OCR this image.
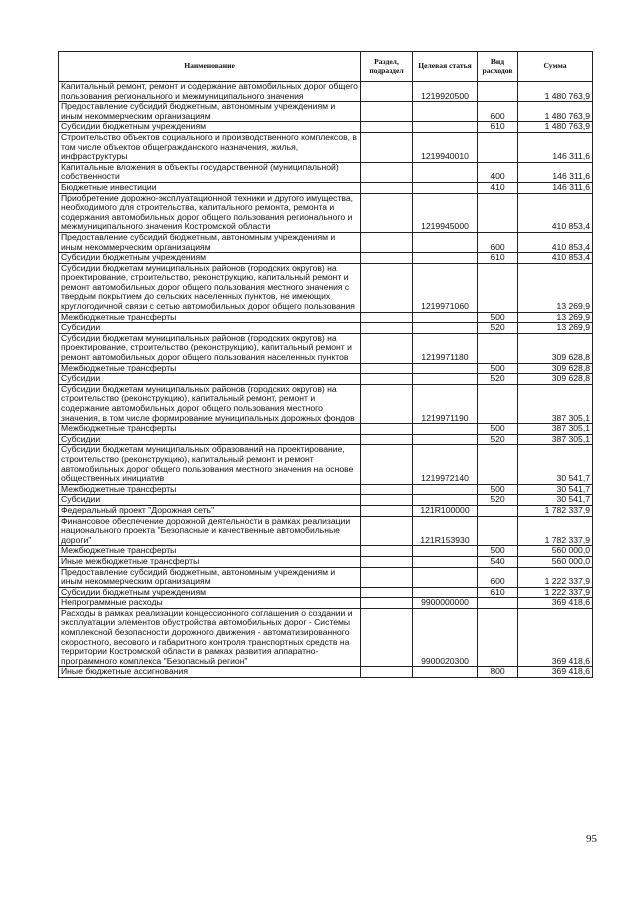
Наименование	Раздел, подраздел	Целевая статья	Вид расходов	Сумма
Капитальный ремонт, ремонт и содержание автомобильных дорог общего пользования регионального и межмуниципального значения		1219920500		1 480 763,9
Предоставление субсидий бюджетным, автономным учреждениям и иным некоммерческим организациям			600	1 480 763,9
Субсидии бюджетным учреждениям			610	1 480 763,9
Строительство объектов социального и производственного комплексов, в том числе объектов общегражданского назначения, жилья, инфраструктуры		1219940010		146 311,6
Капитальные вложения в объекты государственной (муниципальной) собственности			400	146 311,6
Бюджетные инвестиции			410	146 311,6
Приобретение дорожно-эксплуатационной техники и другого имущества, необходимого для строительства, капитального ремонта, ремонта и содержания автомобильных дорог общего пользования регионального и межмуниципального значения Костромской области		1219945000		410 853,4
Предоставление субсидий бюджетным, автономным учреждениям и иным некоммерческим организациям			600	410 853,4
Субсидии бюджетным учреждениям			610	410 853,4
Субсидии бюджетам муниципальных районов (городских округов) на проектирование, строительство, реконструкцию, капитальный ремонт и ремонт автомобильных дорог общего пользования местного значения с твердым покрытием до сельских населенных пунктов, не имеющих круглогодичной связи с сетью автомобильных дорог общего пользования		1219971060		13 269,9
Межбюджетные трансферты			500	13 269,9
Субсидии			520	13 269,9
Субсидии бюджетам муниципальных районов (городских округов) на проектирование, строительство (реконструкцию), капитальный ремонт и ремонт автомобильных дорог общего пользования населенных пунктов		1219971180		309 628,8
Межбюджетные трансферты			500	309 628,8
Субсидии			520	309 628,8
Субсидии бюджетам муниципальных районов (городских округов) на строительство (реконструкцию), капитальный ремонт, ремонт и содержание автомобильных дорог общего пользования местного значения, в том числе формирование муниципальных дорожных фондов		1219971190		387 305,1
Межбюджетные трансферты			500	387 305,1
Субсидии			520	387 305,1
Субсидии бюджетам муниципальных образований на проектирование, строительство (реконструкцию), капитальный ремонт и ремонт автомобильных дорог общего пользования местного значения на основе общественных инициатив		1219972140		30 541,7
Межбюджетные трансферты			500	30 541,7
Субсидии			520	30 541,7
Федеральный проект "Дорожная сеть"		121R100000		1 782 337,9
Финансовое обеспечение дорожной деятельности в рамках реализации национального проекта "Безопасные и качественные автомобильные дороги"		121R153930		1 782 337,9
Межбюджетные трансферты			500	560 000,0
Иные межбюджетные трансферты			540	560 000,0
Предоставление субсидий бюджетным, автономным учреждениям и иным некоммерческим организациям			600	1 222 337,9
Субсидии бюджетным учреждениям			610	1 222 337,9
Непрограммные расходы		9900000000		369 418,6
Расходы в рамках реализации концессионного соглашения о создании и эксплуатации элементов обустройства автомобильных дорог - Системы комплексной безопасности дорожного движения - автоматизированного скоростного, весового и габаритного контроля транспортных средств на территории Костромской области в рамках развития аппаратно-программного комплекса "Безопасный регион"		9900020300		369 418,6
Иные бюджетные ассигнования			800	369 418,6
95
